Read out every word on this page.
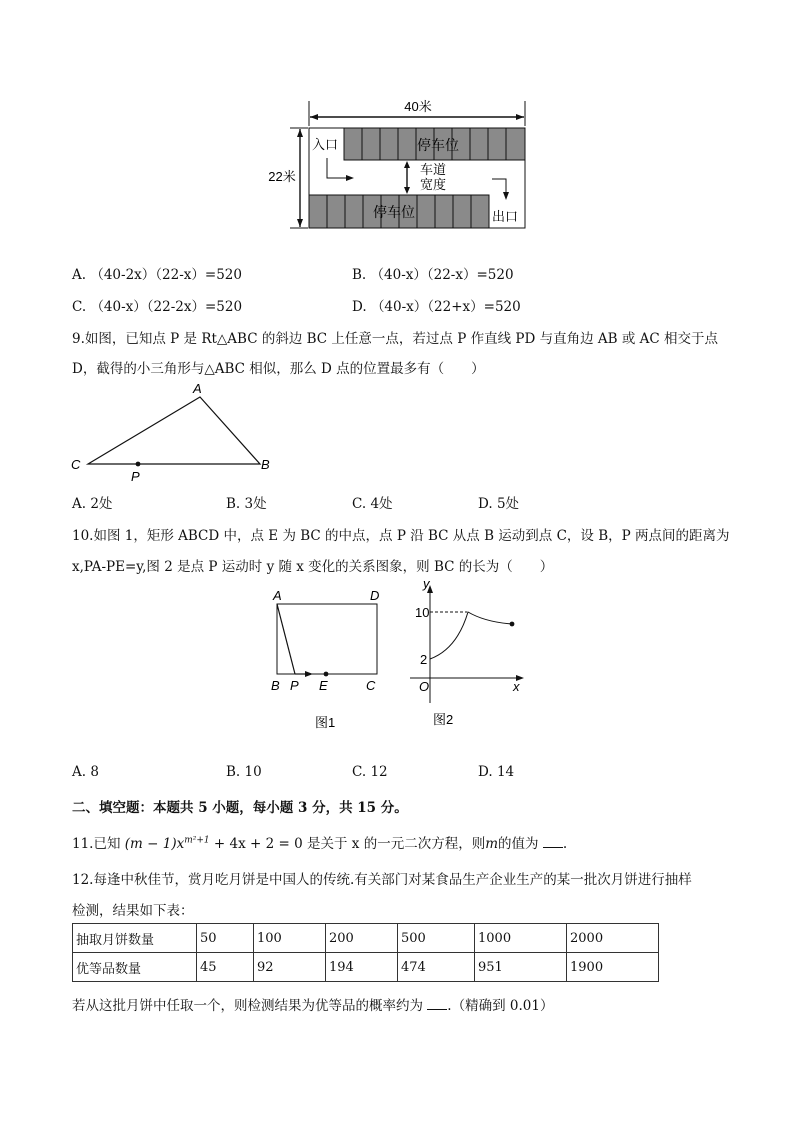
40米
22米
停车位
停车位
入口
出口
车道
宽度
A. （40-2x）（22-x）=520	B. （40-x）（22-x）=520
C. （40-x）（22-2x）=520	D. （40-x）（22+x）=520
9.如图，已知点 P 是 Rt△ABC 的斜边 BC 上任意一点，若过点 P 作直线 PD 与直角边 AB 或 AC 相交于点
D，截得的小三角形与△ABC 相似，那么 D 点的位置最多有（　　）
A
B
C
P
A. 2处	B. 3处	C. 4处	D. 5处
10.如图 1，矩形 ABCD 中，点 E 为 BC 的中点，点 P 沿 BC 从点 B 运动到点 C，设 B，P 两点间的距离为
x,PA-PE=y,图 2 是点 P 运动时 y 随 x 变化的关系图象，则 BC 的长为（　　）
A	D
B P E	C
图1
y
x
O
10
2
图2
A. 8	B. 10	C. 12	D. 14
二、填空题：本题共 5 小题，每小题 3 分，共 15 分。
11.已知 $(m - 1)x^{m^2+1} + 4x + 2 = 0$ 是关于 x 的一元二次方程，则m的值为 .
12.每逢中秋佳节，赏月吃月饼是中国人的传统.有关部门对某食品生产企业生产的某一批次月饼进行抽样
检测，结果如下表：
抽取月饼数量	50	100	200	500	1000	2000
优等品数量	45	92	194	474	951	1900
若从这批月饼中任取一个，则检测结果为优等品的概率约为 .（精确到 0.01）
